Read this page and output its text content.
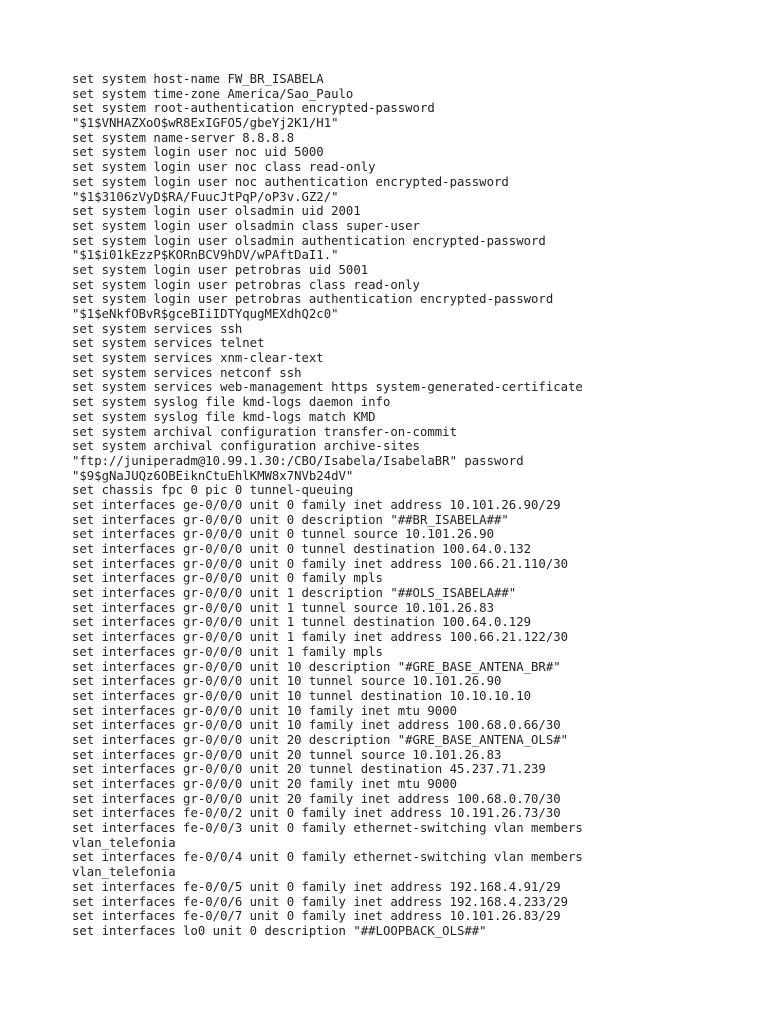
set system host-name FW_BR_ISABELA
set system time-zone America/Sao_Paulo
set system root-authentication encrypted-password
"$1$VNHAZXoO$wR8ExIGFO5/gbeYj2K1/H1"
set system name-server 8.8.8.8
set system login user noc uid 5000
set system login user noc class read-only
set system login user noc authentication encrypted-password
"$1$3106zVyD$RA/FuucJtPqP/oP3v.GZ2/"
set system login user olsadmin uid 2001
set system login user olsadmin class super-user
set system login user olsadmin authentication encrypted-password
"$1$i01kEzzP$KORnBCV9hDV/wPAftDaI1."
set system login user petrobras uid 5001
set system login user petrobras class read-only
set system login user petrobras authentication encrypted-password
"$1$eNkfOBvR$gceBIiIDTYqugMEXdhQ2c0"
set system services ssh
set system services telnet
set system services xnm-clear-text
set system services netconf ssh
set system services web-management https system-generated-certificate
set system syslog file kmd-logs daemon info
set system syslog file kmd-logs match KMD
set system archival configuration transfer-on-commit
set system archival configuration archive-sites
"ftp://juniperadm@10.99.1.30:/CBO/Isabela/IsabelaBR" password
"$9$gNaJUQz6OBEiknCtuEhlKMW8x7NVb24dV"
set chassis fpc 0 pic 0 tunnel-queuing
set interfaces ge-0/0/0 unit 0 family inet address 10.101.26.90/29
set interfaces gr-0/0/0 unit 0 description "##BR_ISABELA##"
set interfaces gr-0/0/0 unit 0 tunnel source 10.101.26.90
set interfaces gr-0/0/0 unit 0 tunnel destination 100.64.0.132
set interfaces gr-0/0/0 unit 0 family inet address 100.66.21.110/30
set interfaces gr-0/0/0 unit 0 family mpls
set interfaces gr-0/0/0 unit 1 description "##OLS_ISABELA##"
set interfaces gr-0/0/0 unit 1 tunnel source 10.101.26.83
set interfaces gr-0/0/0 unit 1 tunnel destination 100.64.0.129
set interfaces gr-0/0/0 unit 1 family inet address 100.66.21.122/30
set interfaces gr-0/0/0 unit 1 family mpls
set interfaces gr-0/0/0 unit 10 description "#GRE_BASE_ANTENA_BR#"
set interfaces gr-0/0/0 unit 10 tunnel source 10.101.26.90
set interfaces gr-0/0/0 unit 10 tunnel destination 10.10.10.10
set interfaces gr-0/0/0 unit 10 family inet mtu 9000
set interfaces gr-0/0/0 unit 10 family inet address 100.68.0.66/30
set interfaces gr-0/0/0 unit 20 description "#GRE_BASE_ANTENA_OLS#"
set interfaces gr-0/0/0 unit 20 tunnel source 10.101.26.83
set interfaces gr-0/0/0 unit 20 tunnel destination 45.237.71.239
set interfaces gr-0/0/0 unit 20 family inet mtu 9000
set interfaces gr-0/0/0 unit 20 family inet address 100.68.0.70/30
set interfaces fe-0/0/2 unit 0 family inet address 10.191.26.73/30
set interfaces fe-0/0/3 unit 0 family ethernet-switching vlan members
vlan_telefonia
set interfaces fe-0/0/4 unit 0 family ethernet-switching vlan members
vlan_telefonia
set interfaces fe-0/0/5 unit 0 family inet address 192.168.4.91/29
set interfaces fe-0/0/6 unit 0 family inet address 192.168.4.233/29
set interfaces fe-0/0/7 unit 0 family inet address 10.101.26.83/29
set interfaces lo0 unit 0 description "##LOOPBACK_OLS##"
